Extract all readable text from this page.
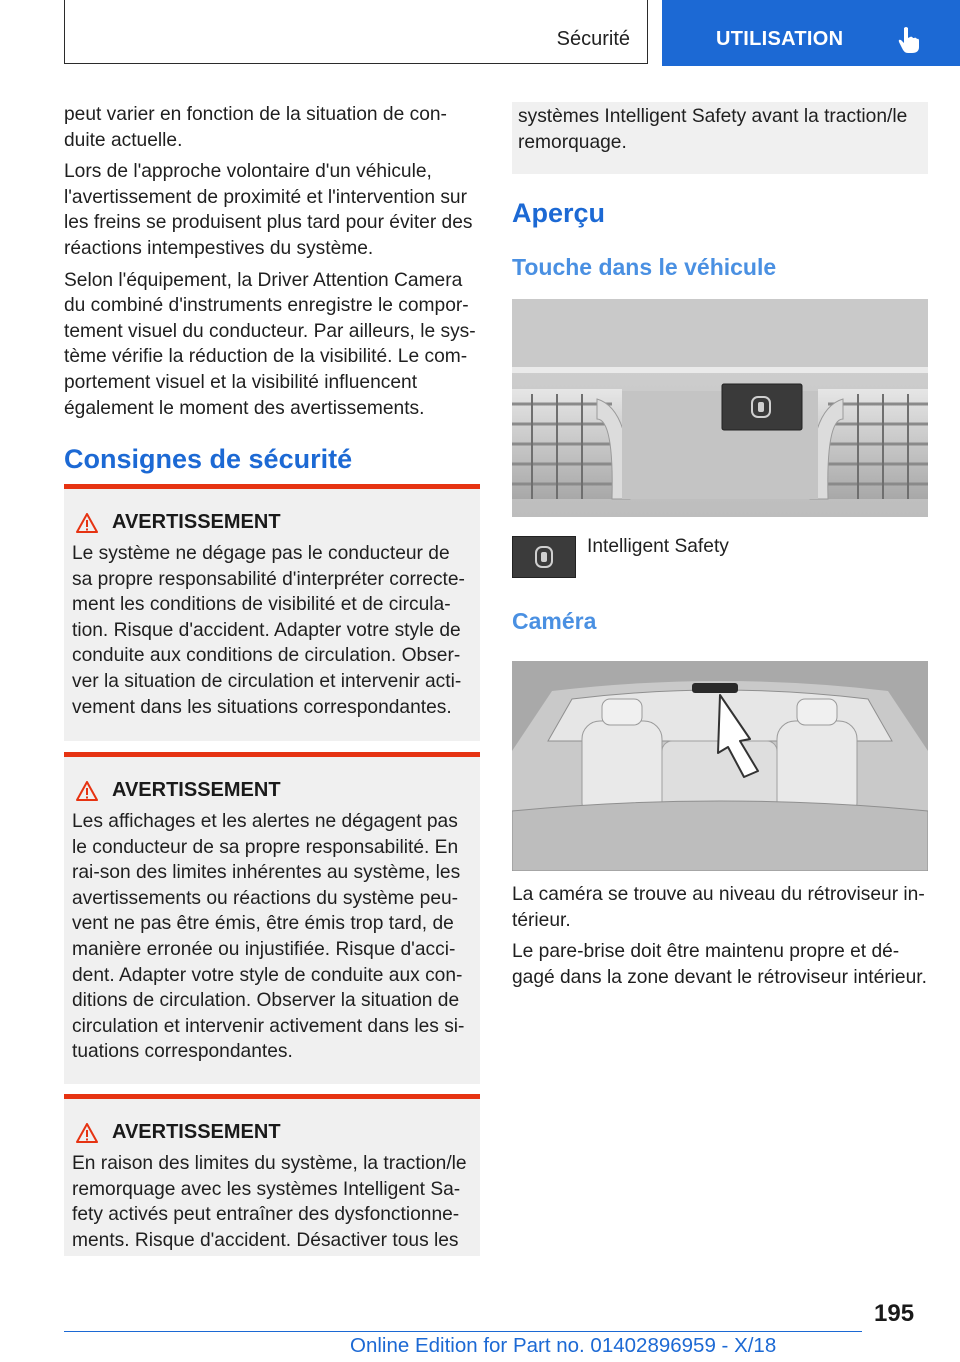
Sécurité	UTILISATION

peut varier en fonction de la situation de con-duite actuelle.

Lors de l'approche volontaire d'un véhicule, l'avertissement de proximité et l'intervention sur les freins se produisent plus tard pour éviter des réactions intempestives du système.

Selon l'équipement, la Driver Attention Camera du combiné d'instruments enregistre le compor-tement visuel du conducteur. Par ailleurs, le sys-tème vérifie la réduction de la visibilité. Le com-portement visuel et la visibilité influencent également le moment des avertissements.

Consignes de sécurité
AVERTISSEMENT
Le système ne dégage pas le conducteur de sa propre responsabilité d'interpréter correcte-ment les conditions de visibilité et de circula-tion. Risque d'accident. Adapter votre style de conduite aux conditions de circulation. Obser-ver la situation de circulation et intervenir acti-vement dans les situations correspondantes.
AVERTISSEMENT
Les affichages et les alertes ne dégagent pas le conducteur de sa propre responsabilité. En rai-son des limites inhérentes au système, les avertissements ou réactions du système peu-vent ne pas être émis, être émis trop tard, de manière erronée ou injustifiée. Risque d'acci-dent. Adapter votre style de conduite aux con-ditions de circulation. Observer la situation de circulation et intervenir activement dans les si-tuations correspondantes.
AVERTISSEMENT
En raison des limites du système, la traction/le remorquage avec les systèmes Intelligent Sa-fety activés peut entraîner des dysfonctionne-ments. Risque d'accident. Désactiver tous les
systèmes Intelligent Safety avant la traction/le remorquage.
Aperçu
Touche dans le véhicule
Intelligent Safety
Caméra

La caméra se trouve au niveau du rétroviseur in-térieur.

Le pare-brise doit être maintenu propre et dé-gagé dans la zone devant le rétroviseur intérieur.

195
Online Edition for Part no. 01402896959 - X/18
